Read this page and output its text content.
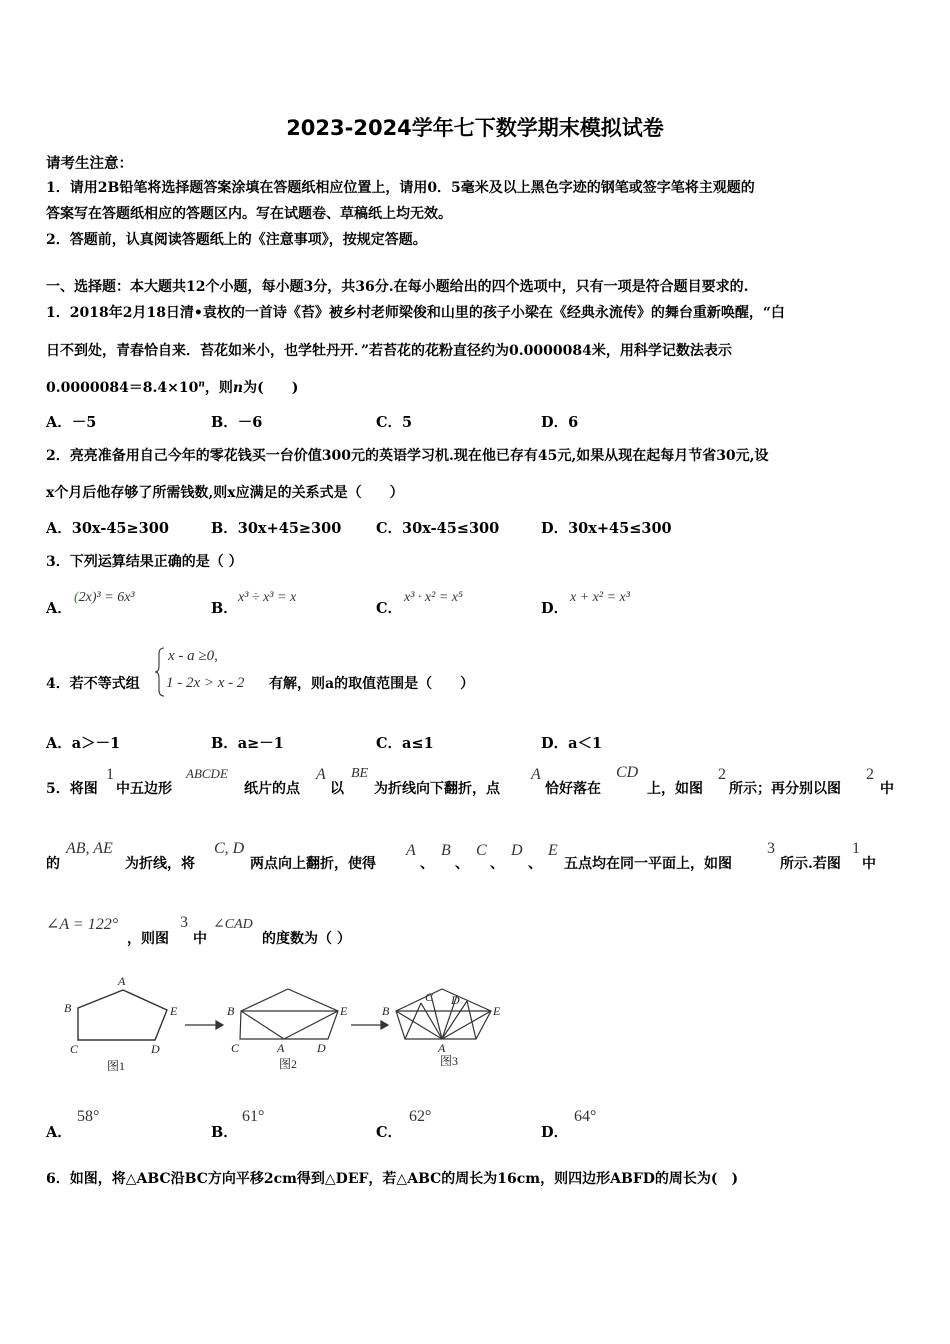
2023-2024学年七下数学期末模拟试卷
请考生注意：
1．请用2B铅笔将选择题答案涂填在答题纸相应位置上，请用0．5毫米及以上黑色字迹的钢笔或签字笔将主观题的
答案写在答题纸相应的答题区内。写在试题卷、草稿纸上均无效。
2．答题前，认真阅读答题纸上的《注意事项》，按规定答题。
一、选择题：本大题共12个小题，每小题3分，共36分.在每小题给出的四个选项中，只有一项是符合题目要求的.
1．2018年2月18日清•袁枚的一首诗《苔》被乡村老师梁俊和山里的孩子小梁在《经典永流传》的舞台重新唤醒，“白
日不到处，青春恰自来．苔花如米小，也学牡丹开．”若苔花的花粉直径约为0.0000084米，用科学记数法表示
$0.0000084=8.4\times 10^n$，则n为(　　)
A．－5	B．－6	C．5	D．6
2．亮亮准备用自己今年的零花钱买一台价值300元的英语学习机.现在他已存有45元,如果从现在起每月节省30元,设
x个月后他存够了所需钱数,则x应满足的关系式是（　　）
A．30x-45≥300	B．30x+45≥300 C．30x-45≤300	D．30x+45≤300
3．下列运算结果正确的是（ ）
A．
(2x)³ = 6x³
B．
x³ ÷ x³ = x
C．
x³ · x² = x⁵
D．
x + x² = x³
4．若不等式组
x - a ≥0,
1 - 2x > x - 2 有解，则a的取值范围是（　　）
A．a＞－1	B．a≥－1	C．a≤1	D．a＜1
5．将图
1
中五边形
ABCDE
纸片的点
A
以
BE
为折线向下翻折，点
A
恰好落在
CD
上，如图
2
所示；再分别以图
2
中
的
AB, AE
为折线，将
C, D
两点向上翻折，使得
A
、
B
、
C
、
D
、
E
五点均在同一平面上，如图
3
所示.若图
1
中
∠A = 122°
，则图
3
中
∠CAD
的度数为（ ）
A
B
C	D
E
图1
B
C	A	D
E
图2
B
C D
E
A
图3
A．
58°
B．
61°
C．
62°
D．
64°
6．如图，将△ABC沿BC方向平移2cm得到△DEF，若△ABC的周长为16cm，则四边形ABFD的周长为(　)
